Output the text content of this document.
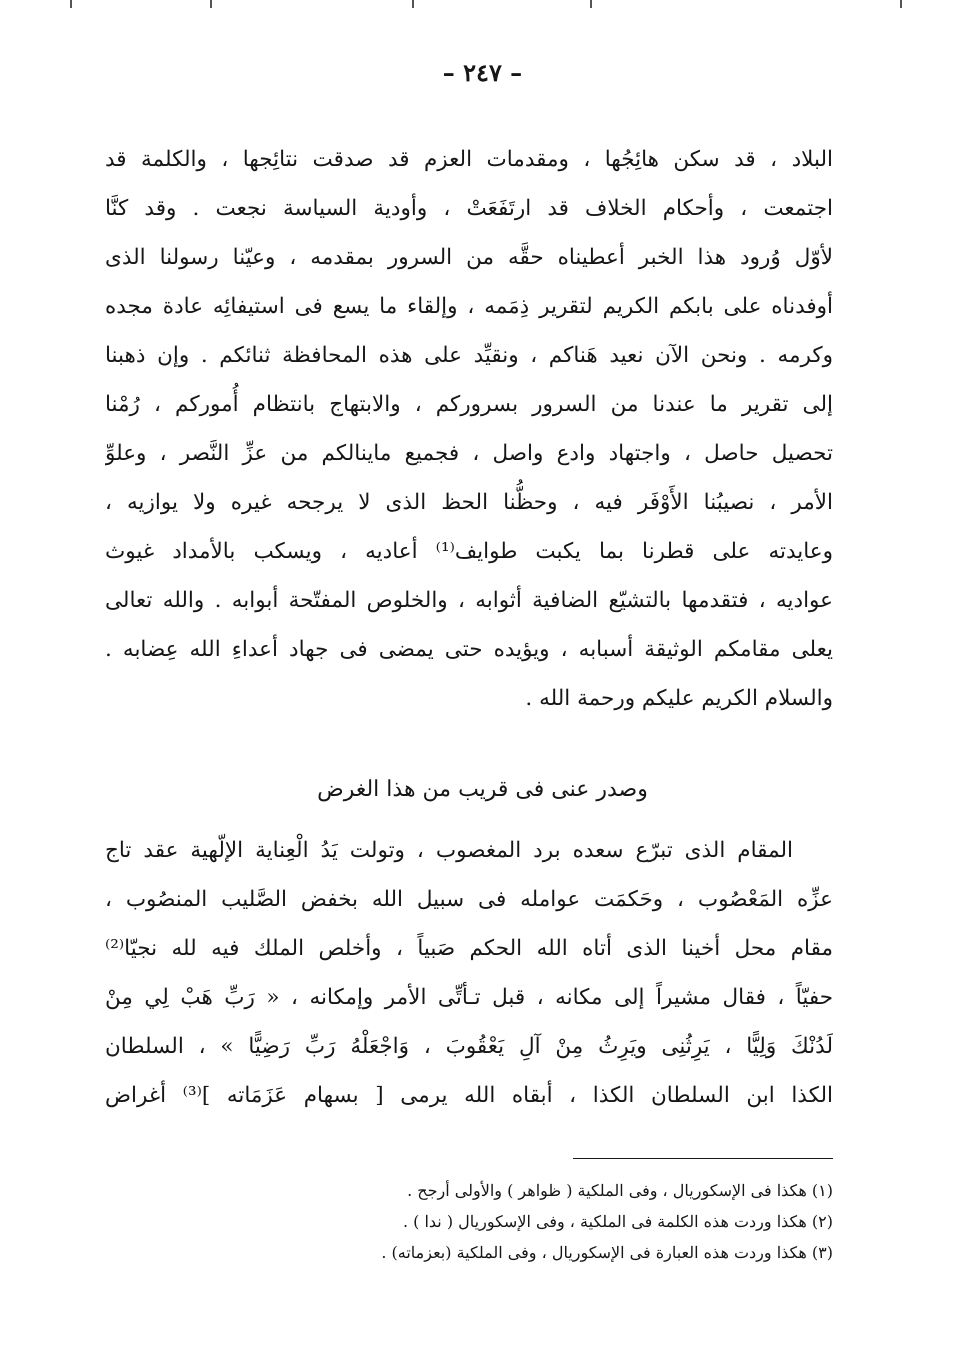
– ٢٤٧ –
البلاد ، قد سكن هائِجُها ، ومقدمات العزم قد صدقت نتائِجها ، والكلمة قد
اجتمعت ، وأحكام الخلاف قد ارتَفَعَتْ ، وأودية السياسة نجعت . وقد كنَّا
لأوّل وُرود هذا الخبر أعطيناه حقَّه من السرور بمقدمه ، وعيّنا رسولنا الذى
أوفدناه على بابكم الكريم لتقرير ذِمَمه ، وإلقاء ما يسع فى استيفائِه عادة مجده
وكرمه . ونحن الآن نعيد هَناكم ، ونقيِّد على هذه المحافظة ثنائكم . وإن ذهبنا
إلى تقرير ما عندنا من السرور بسروركم ، والابتهاج بانتظام أُموركم ، رُمْنا
تحصيل حاصل ، واجتهاد وادع واصل ، فجميع ماينالكم من عزِّ النَّصر ، وعلوِّ
الأمر ، نصيبُنا الأَوْفَر فيه ، وحظُّنا الحظ الذى لا يرجحه غيره ولا يوازيه ،
وعايدته على قطرنا بما يكبت طوايف⁽¹⁾ أعاديه ، ويسكب بالأمداد غيوث
عواديه ، فتقدمها بالتشيّع الضافية أثوابه ، والخلوص المفتّحة أبوابه . والله تعالى
يعلى مقامكم الوثيقة أسبابه ، ويؤيده حتى يمضى فى جهاد أعداءِ الله عِضابه .
والسلام الكريم عليكم ورحمة الله .
وصدر عنى فى قريب من هذا الغرض
المقام الذى تبرّع سعده برد المغصوب ، وتولت يَدُ الْعِناية الإلّهية عقد تاج
عزِّه المَعْصُوب ، وحَكمَت عوامله فى سبيل الله بخفض الصَّليب المنصُوب ،
مقام محل أخينا الذى أتاه الله الحكم صَبياً ، وأخلص الملك فيه لله نجيّا⁽²⁾
حفيّاً ، فقال مشيراً إلى مكانه ، قبل تـأتِّى الأمر وإمكانه ، « رَبِّ هَبْ لِي مِنْ
لَدُنْكَ وَلِيًّا ، يَرِثُنِى ويَرِثُ مِنْ آلِ يَعْقُوبَ ، وَاجْعَلْهُ رَبِّ رَضِيًّا » ، السلطان
الكذا ابن السلطان الكذا ، أبقاه الله يرمى [ بسهام عَزَمَاته ]⁽³⁾ أغراض
(١) هكذا فى الإسكوريال ، وفى الملكية ( ظواهر ) والأولى أرجح .
(٢) هكذا وردت هذه الكلمة فى الملكية ، وفى الإسكوريال ( ندا ) .
(٣) هكذا وردت هذه العبارة فى الإسكوريال ، وفى الملكية (بعزماته) .
